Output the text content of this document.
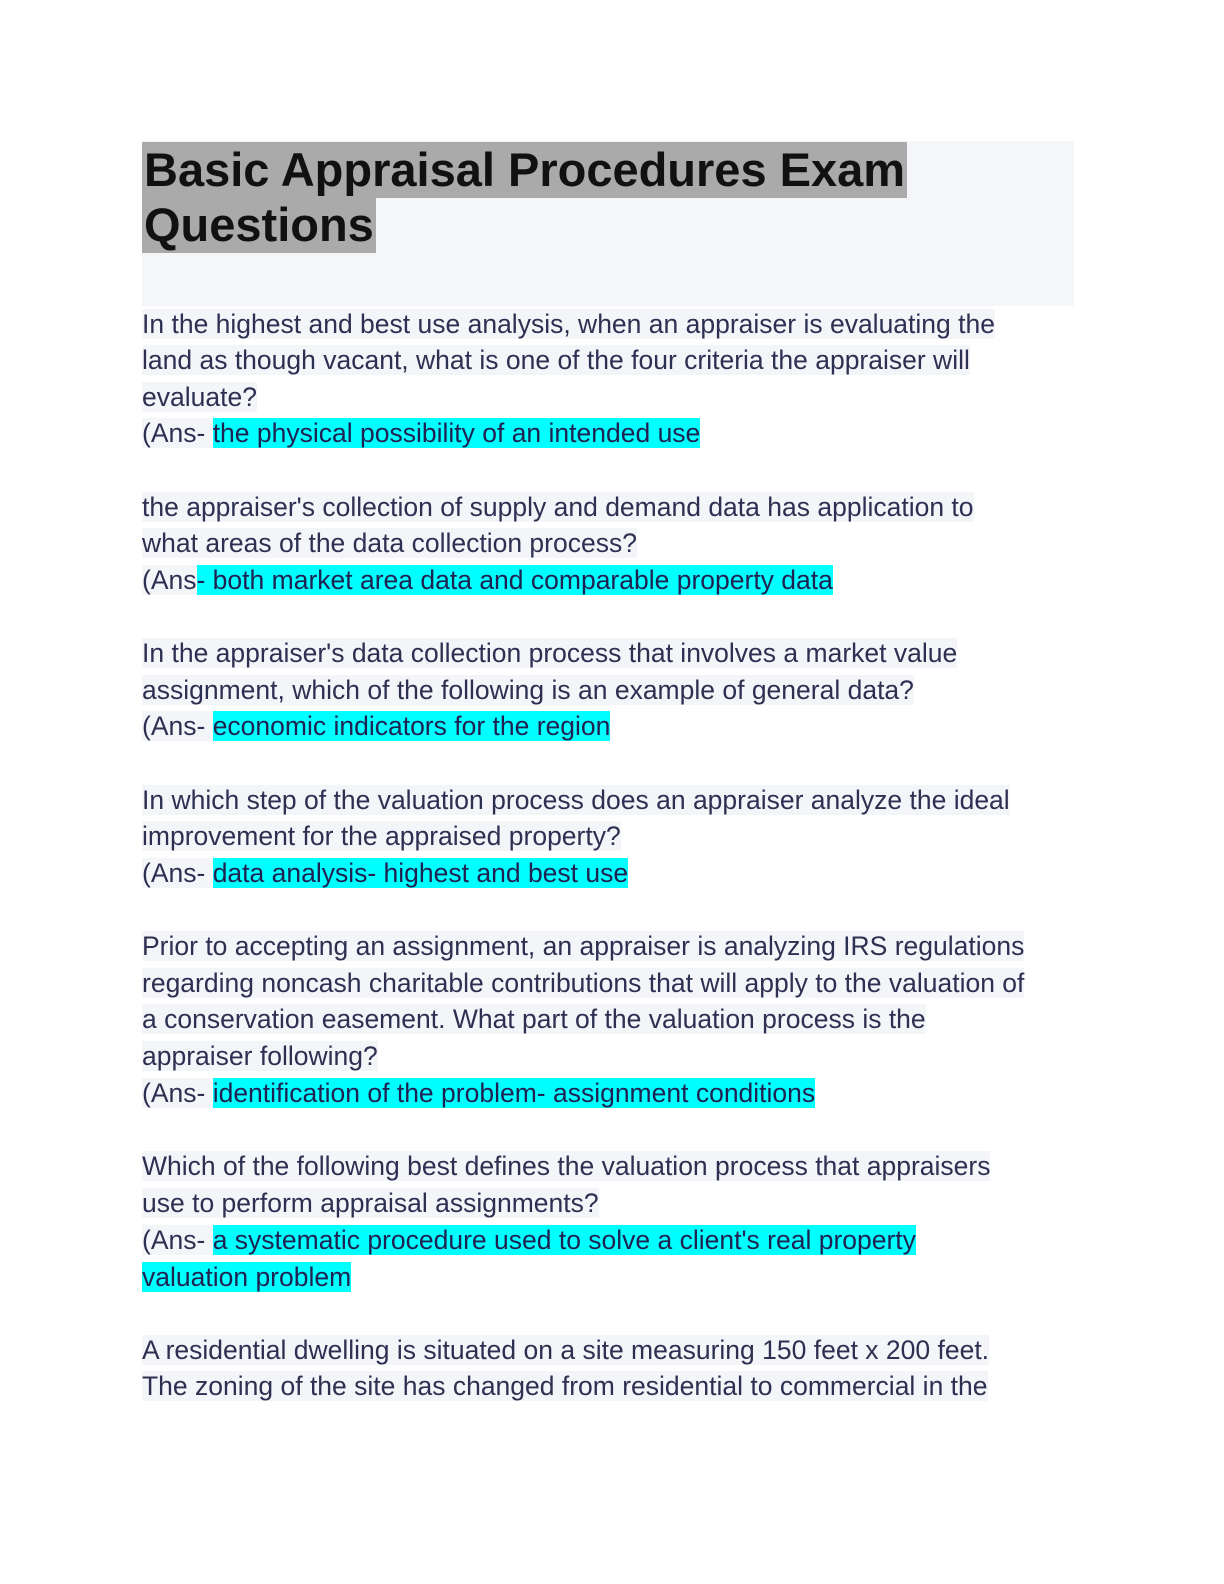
Basic Appraisal Procedures Exam
Questions
In the highest and best use analysis, when an appraiser is evaluating the
land as though vacant, what is one of the four criteria the appraiser will
evaluate?
(Ans- the physical possibility of an intended use
the appraiser's collection of supply and demand data has application to
what areas of the data collection process?
(Ans- both market area data and comparable property data
In the appraiser's data collection process that involves a market value
assignment, which of the following is an example of general data?
(Ans- economic indicators for the region
In which step of the valuation process does an appraiser analyze the ideal
improvement for the appraised property?
(Ans- data analysis- highest and best use
Prior to accepting an assignment, an appraiser is analyzing IRS regulations
regarding noncash charitable contributions that will apply to the valuation of
a conservation easement. What part of the valuation process is the
appraiser following?
(Ans- identification of the problem- assignment conditions
Which of the following best defines the valuation process that appraisers
use to perform appraisal assignments?
(Ans- a systematic procedure used to solve a client's real property
valuation problem
A residential dwelling is situated on a site measuring 150 feet x 200 feet.
The zoning of the site has changed from residential to commercial in the
